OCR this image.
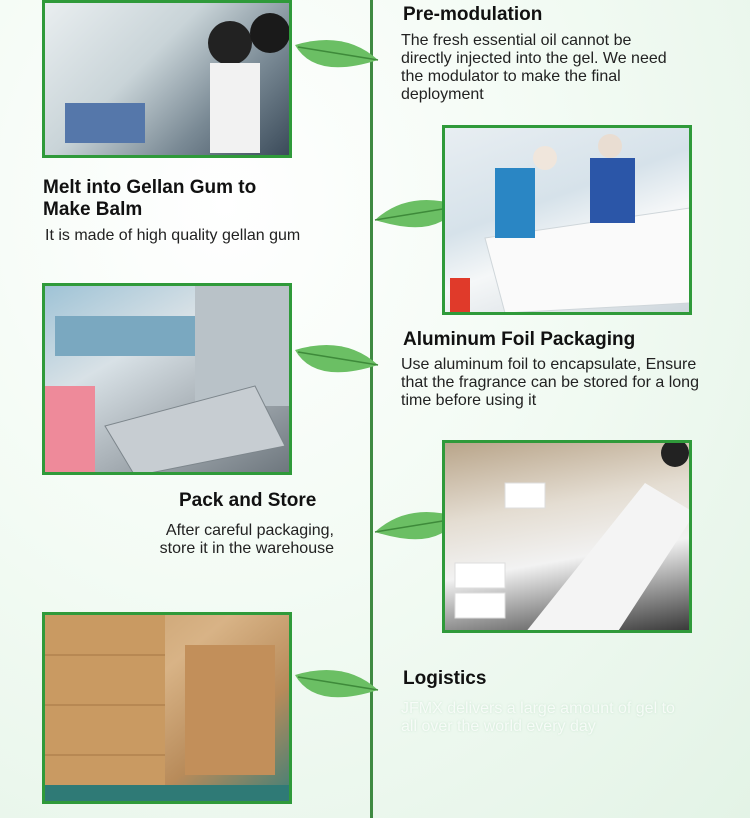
Pre-modulation
The fresh essential oil cannot be directly injected into the gel. We need the modulator to make the final deployment
Melt into Gellan Gum to Make Balm
It is made of high quality gellan gum
Aluminum Foil Packaging
Use aluminum foil to encapsulate, Ensure that the fragrance can be stored for a long time before using it
Pack and Store
After careful packaging, store it in the warehouse
Logistics
JFMX delivers a large amount of gel to all over the world every day
